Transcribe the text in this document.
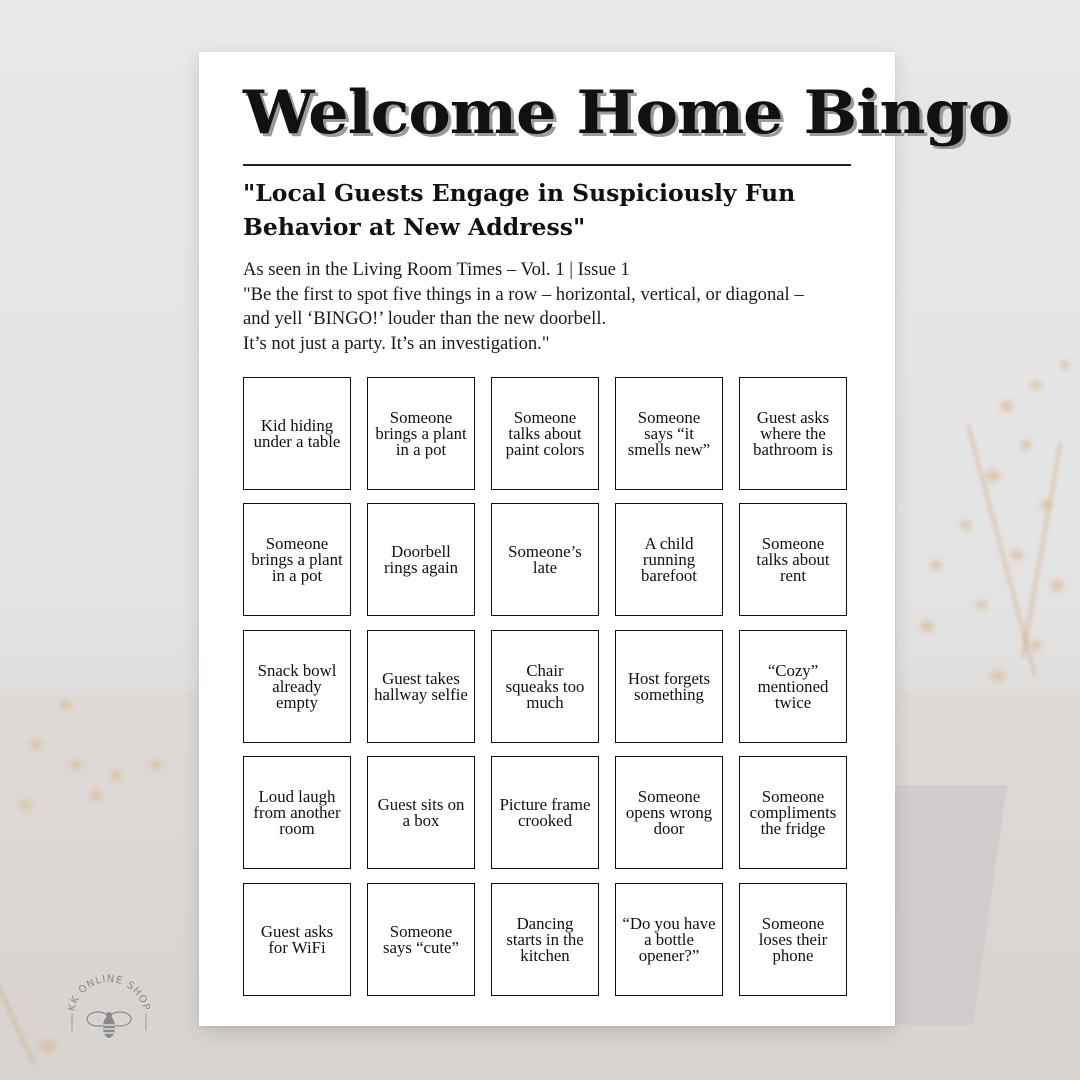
Welcome Home Bingo
"Local Guests Engage in Suspiciously Fun Behavior at New Address"
As seen in the Living Room Times – Vol. 1 | Issue 1
"Be the first to spot five things in a row – horizontal, vertical, or diagonal –
and yell ‘BINGO!’ louder than the new doorbell.
It’s not just a party. It’s an investigation."
Kid hiding under a table
Someone brings a plant in a pot
Someone talks about paint colors
Someone says “it smells new”
Guest asks where the bathroom is
Someone brings a plant in a pot
Doorbell rings again
Someone’s late
A child running barefoot
Someone talks about rent
Snack bowl already empty
Guest takes hallway selfie
Chair squeaks too much
Host forgets something
“Cozy” mentioned twice
Loud laugh from another room
Guest sits on a box
Picture frame crooked
Someone opens wrong door
Someone compliments the fridge
Guest asks for WiFi
Someone says “cute”
Dancing starts in the kitchen
“Do you have a bottle opener?”
Someone loses their phone
KK ONLINE SHOP
